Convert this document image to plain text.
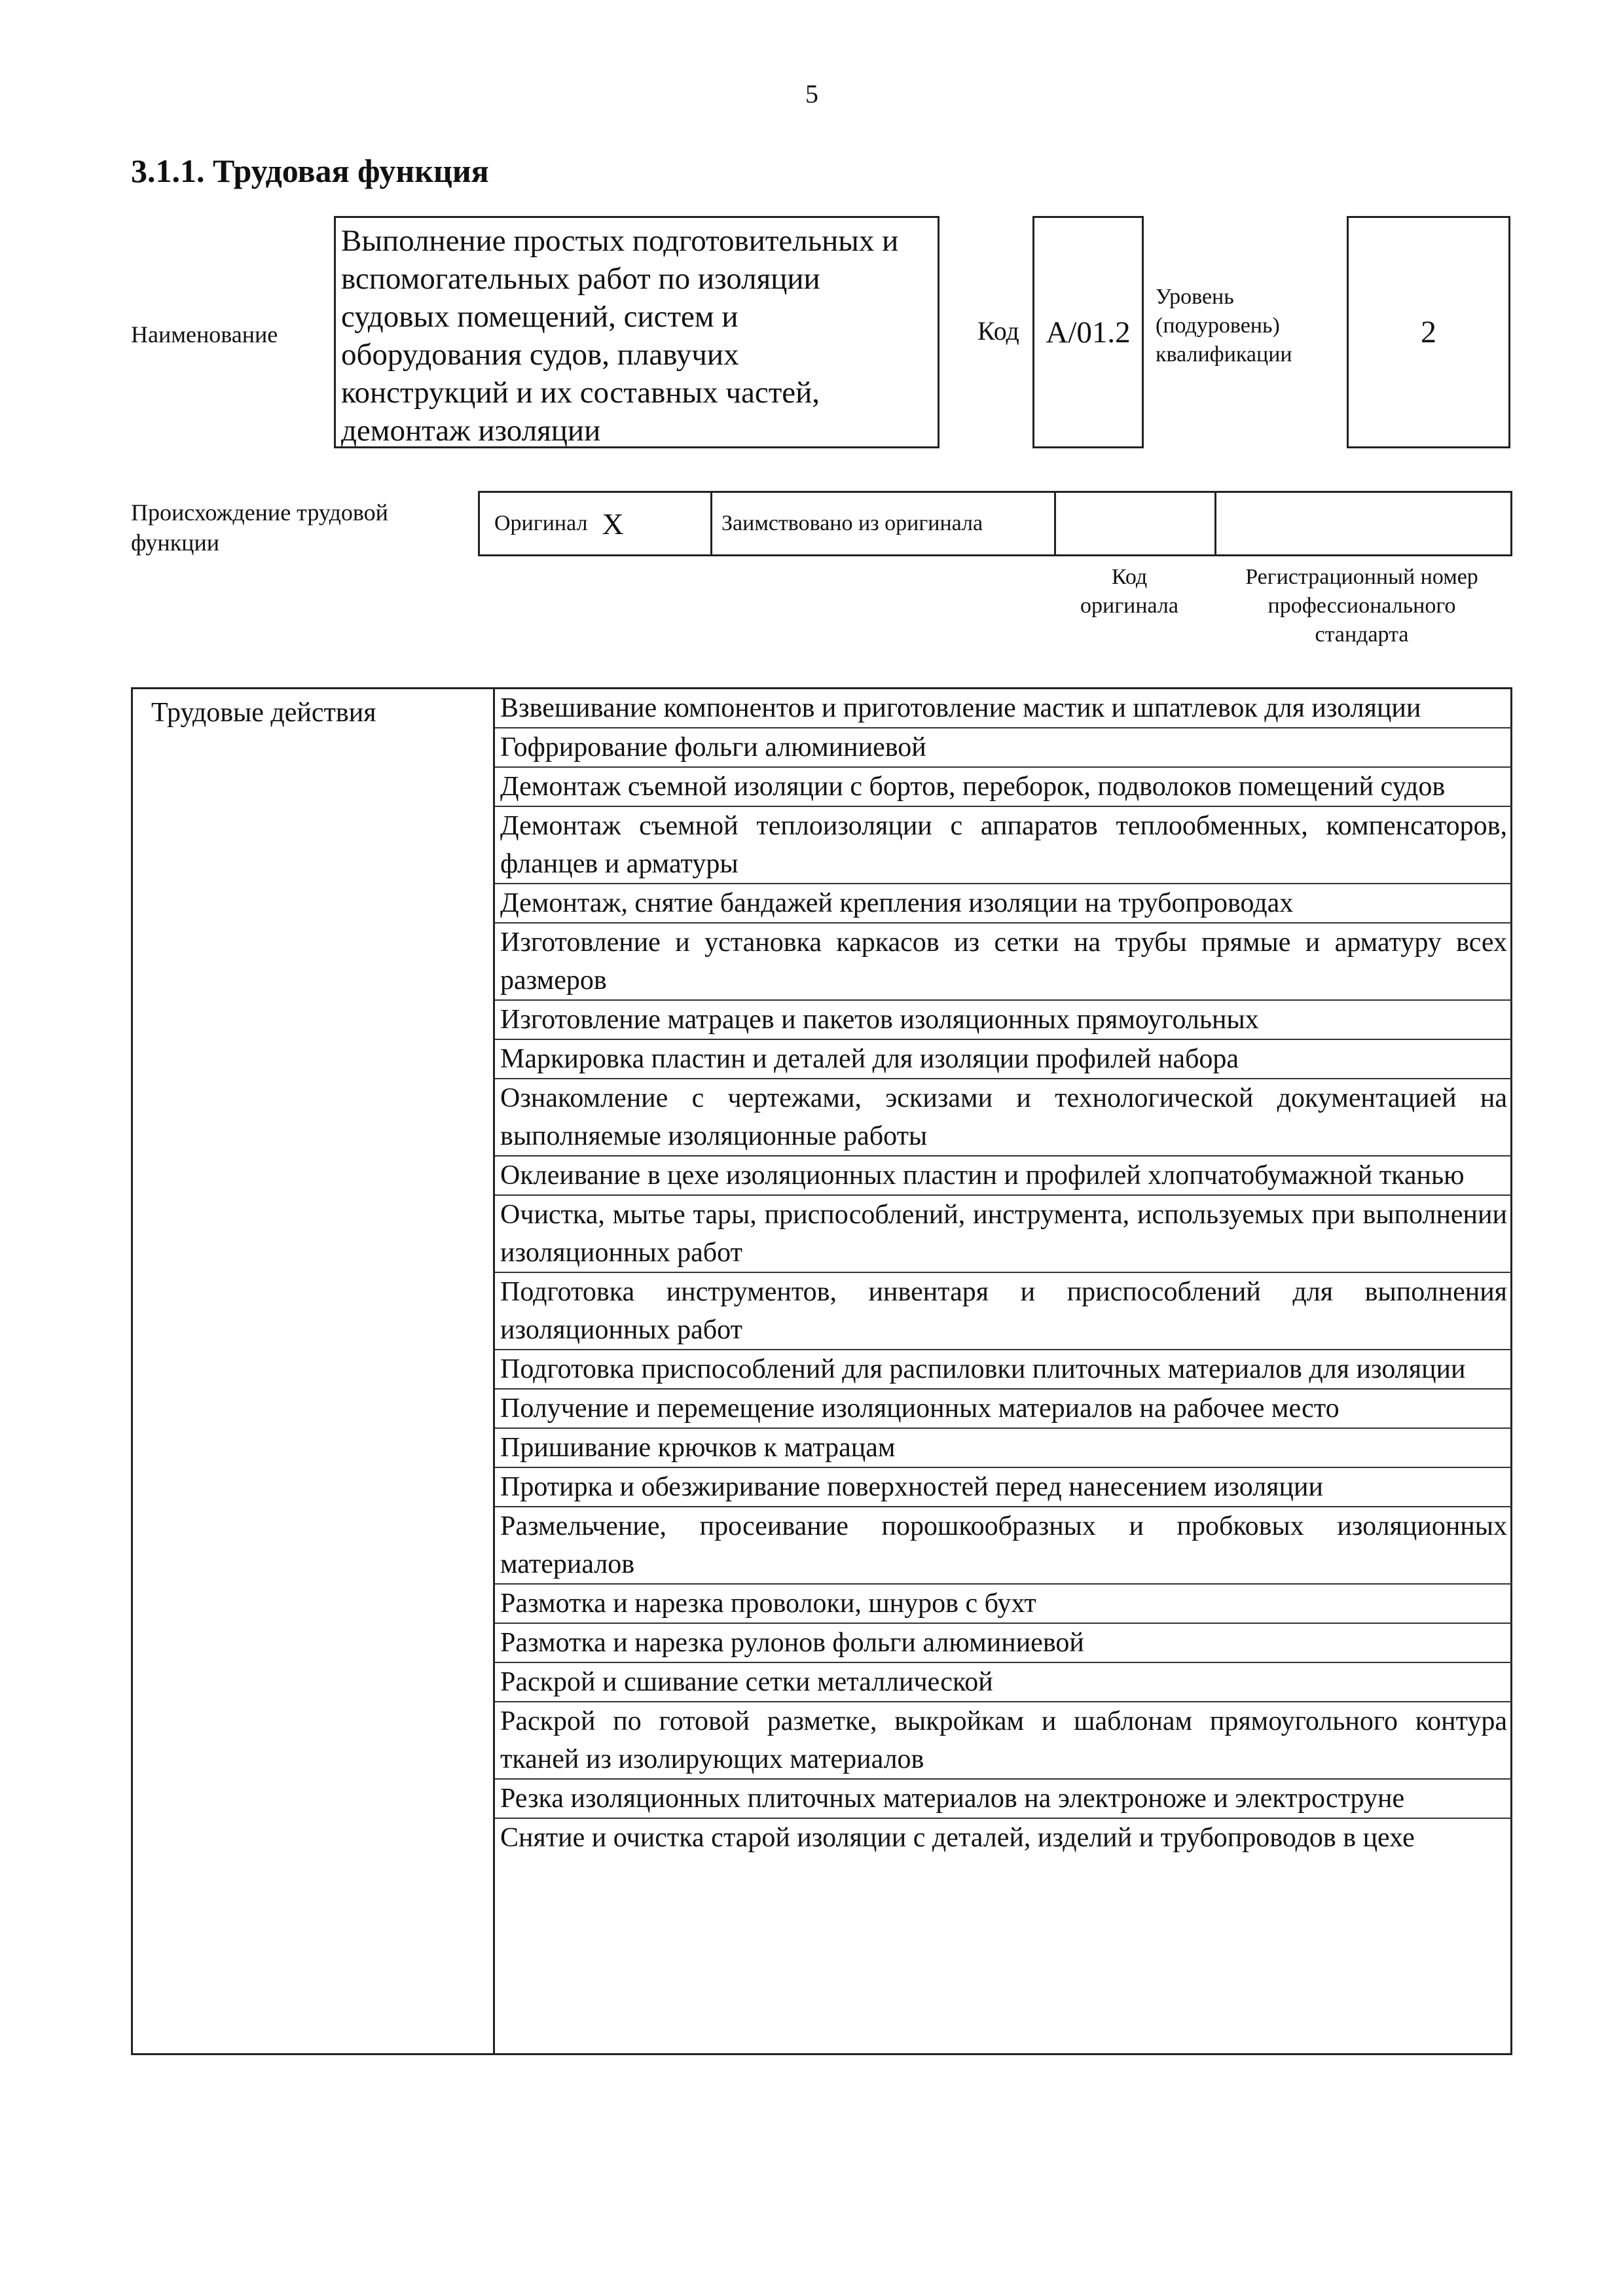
5
3.1.1. Трудовая функция
Наименование
Выполнение простых подготовительных и
вспомогательных работ по изоляции
судовых помещений, систем и
оборудования судов, плавучих
конструкций и их составных частей,
демонтаж изоляции
Код A/01.2
Уровень
(подуровень)
квалификации
2
Происхождение трудовой
функции
Оригинал X	Заимствовано из оригинала
Код
оригинала
Регистрационный номер
профессионального
стандарта
Трудовые действия	Взвешивание компонентов и приготовление мастик и шпатлевок для изоляции
Гофрирование фольги алюминиевой
Демонтаж съемной изоляции с бортов, переборок, подволоков помещений судов
Демонтаж съемной теплоизоляции с аппаратов теплообменных, компенсаторов, фланцев и арматуры
Демонтаж, снятие бандажей крепления изоляции на трубопроводах
Изготовление и установка каркасов из сетки на трубы прямые и арматуру всех размеров
Изготовление матрацев и пакетов изоляционных прямоугольных
Маркировка пластин и деталей для изоляции профилей набора
Ознакомление с чертежами, эскизами и технологической документацией на выполняемые изоляционные работы
Оклеивание в цехе изоляционных пластин и профилей хлопчатобумажной тканью
Очистка, мытье тары, приспособлений, инструмента, используемых при выполнении изоляционных работ
Подготовка инструментов, инвентаря и приспособлений для выполнения изоляционных работ
Подготовка приспособлений для распиловки плиточных материалов для изоляции
Получение и перемещение изоляционных материалов на рабочее место
Пришивание крючков к матрацам
Протирка и обезжиривание поверхностей перед нанесением изоляции
Размельчение, просеивание порошкообразных и пробковых изоляционных материалов
Размотка и нарезка проволоки, шнуров с бухт
Размотка и нарезка рулонов фольги алюминиевой
Раскрой и сшивание сетки металлической
Раскрой по готовой разметке, выкройкам и шаблонам прямоугольного контура тканей из изолирующих материалов
Резка изоляционных плиточных материалов на электроноже и электроструне
Снятие и очистка старой изоляции с деталей, изделий и трубопроводов в цехе
